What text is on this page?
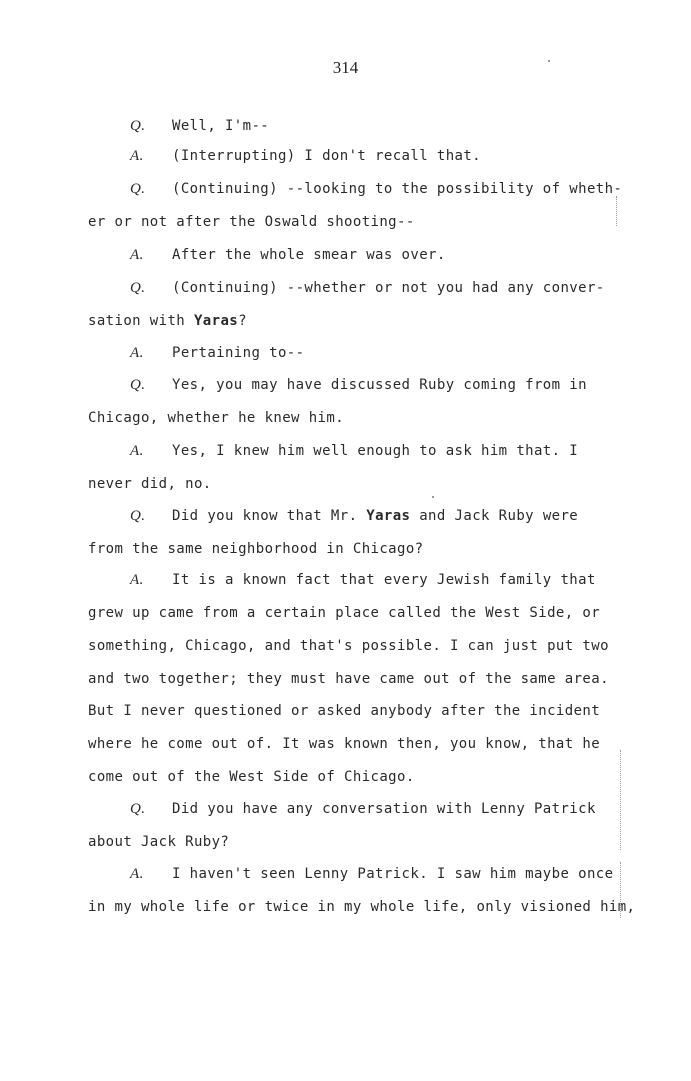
314
Q. Well, I'm--
A. (Interrupting) I don't recall that.
Q. (Continuing) --looking to the possibility of wheth-
er or not after the Oswald shooting--
A. After the whole smear was over.
Q. (Continuing) --whether or not you had any conver-
sation with Yaras?
A. Pertaining to--
Q. Yes, you may have discussed Ruby coming from in
Chicago, whether he knew him.
A. Yes, I knew him well enough to ask him that. I
never did, no.
Q. Did you know that Mr. Yaras and Jack Ruby were
from the same neighborhood in Chicago?
A. It is a known fact that every Jewish family that
grew up came from a certain place called the West Side, or
something, Chicago, and that's possible. I can just put two
and two together; they must have came out of the same area.
But I never questioned or asked anybody after the incident
where he come out of. It was known then, you know, that he
come out of the West Side of Chicago.
Q. Did you have any conversation with Lenny Patrick
about Jack Ruby?
A. I haven't seen Lenny Patrick. I saw him maybe once
in my whole life or twice in my whole life, only visioned him,
